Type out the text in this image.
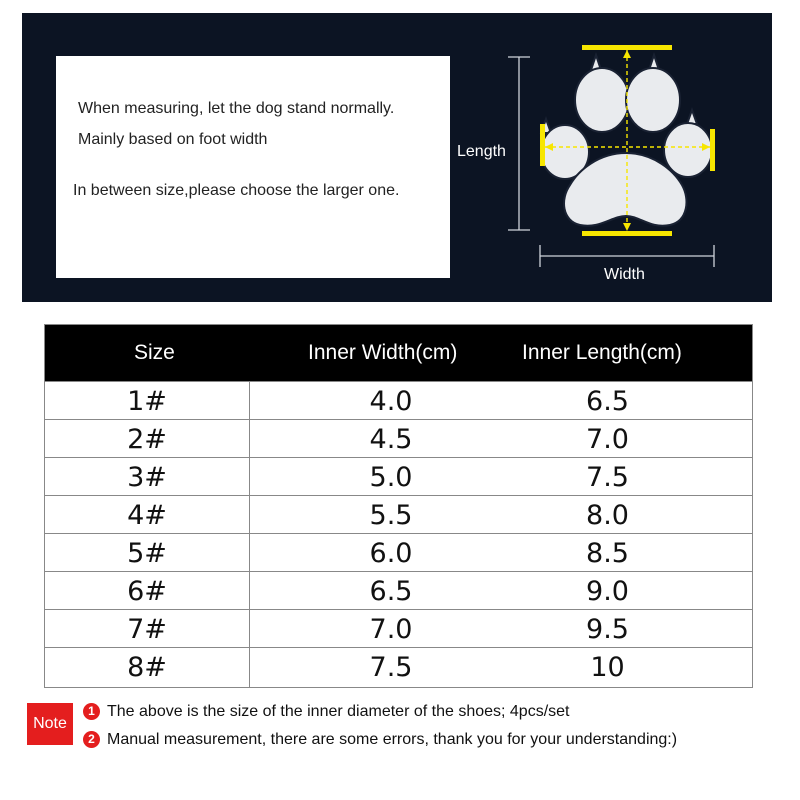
When measuring, let the dog stand normally.
Mainly based on foot width
In between size,please choose the larger one.
Length
Width
Size	Inner Width(cm)	Inner Length(cm)
1#	4.0	6.5
2#	4.5	7.0
3#	5.0	7.5
4#	5.5	8.0
5#	6.0	8.5
6#	6.5	9.0
7#	7.0	9.5
8#	7.5	10
Note
1 The above is the size of the inner diameter of the shoes; 4pcs/set
2 Manual measurement, there are some errors, thank you for your understanding:)
